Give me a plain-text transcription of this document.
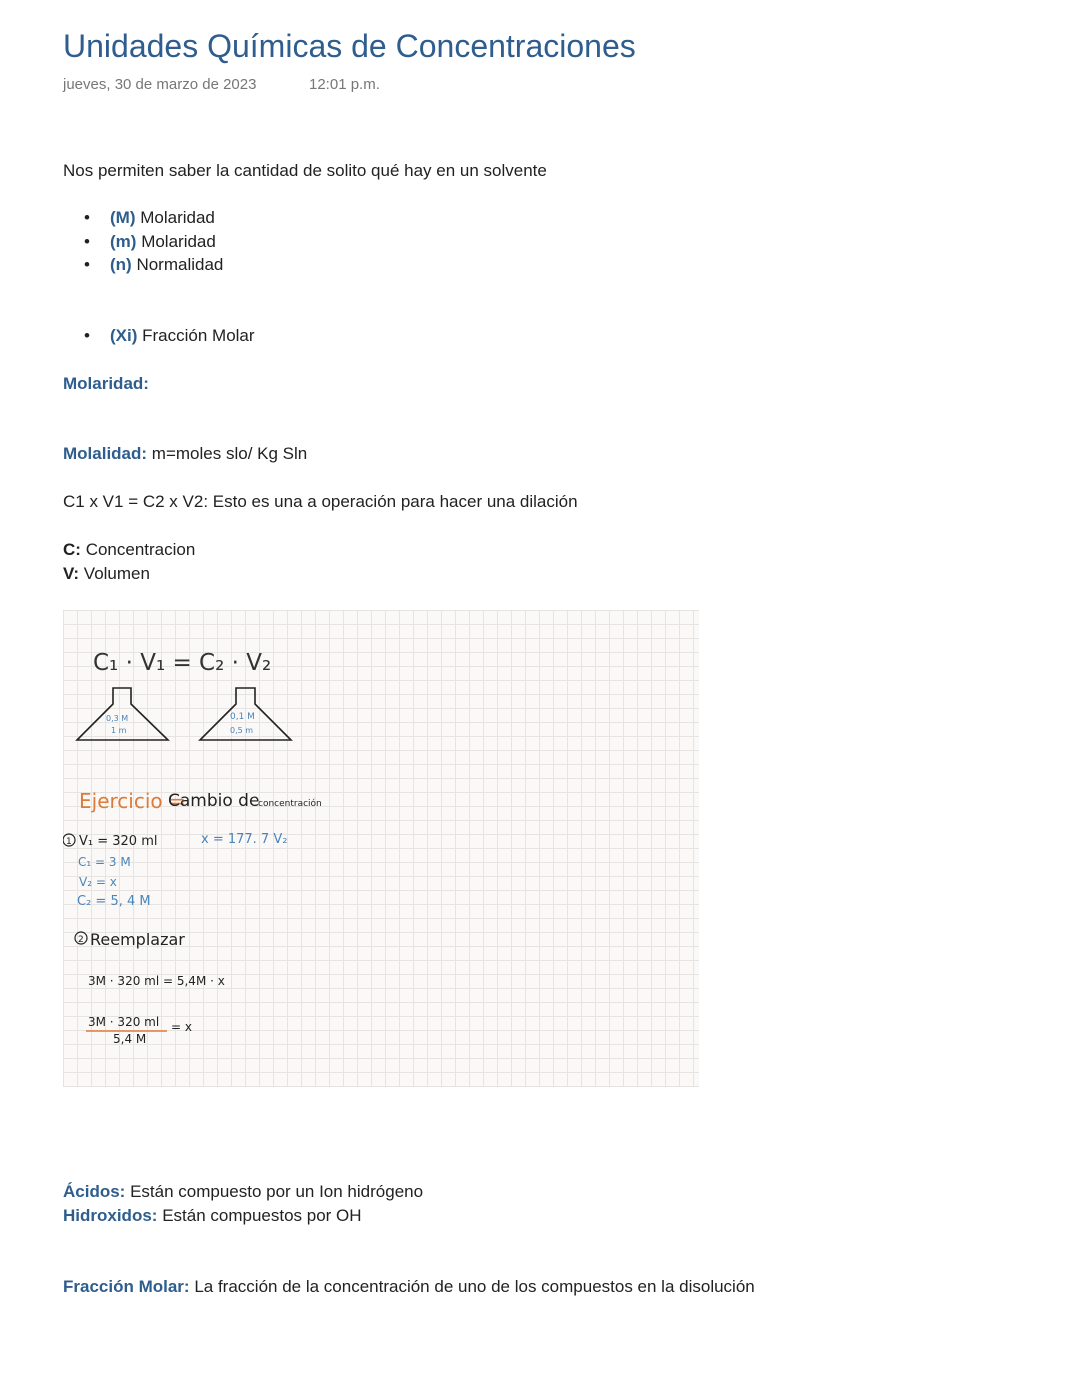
Unidades Químicas de Concentraciones
jueves, 30 de marzo de 2023	12:01 p.m.
Nos permiten saber la cantidad de solito qué hay en un solvente
• (M) Molaridad
• (m) Molaridad
• (n) Normalidad
• (Xi) Fracción Molar
Molaridad:
Molalidad: m=moles slo/ Kg Sln
C1 x V1 = C2 x V2: Esto es una a operación para hacer una dilación
C: Concentracion
V: Volumen
C₁ · V₁ = C₂ · V₂
0,3 M
1 m
0,1 M
0,5 m
Ejercicio =
Cambio de
concentración
1 V₁ = 320 ml
C₁ = 3 M
V₂ = x
C₂ = 5, 4 M
x = 177. 7 V₂
2 Reemplazar
3M · 320 ml = 5,4M · x
3M · 320 ml
5,4 M
= x
Ácidos: Están compuesto por un Ion hidrógeno
Hidroxidos: Están compuestos por OH
Fracción Molar: La fracción de la concentración de uno de los compuestos en la disolución
